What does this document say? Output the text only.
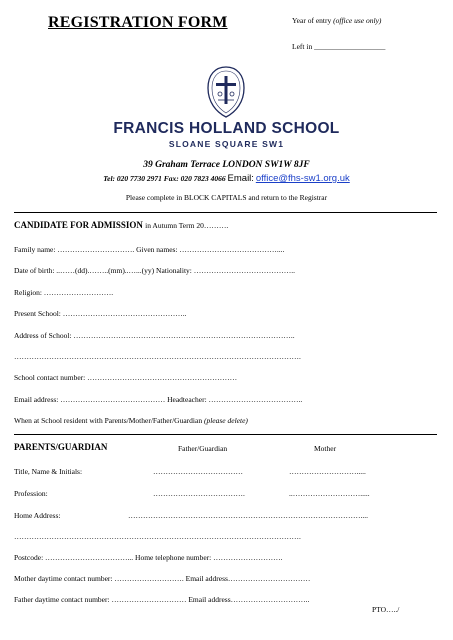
REGISTRATION FORM	Year of entry (office use only)
Left in ___________________
FRANCIS HOLLAND SCHOOL
SLOANE SQUARE SW1
39 Graham Terrace LONDON SW1W 8JF
Tel: 020 7730 2971 Fax: 020 7823 4066 Email: office@fhs-sw1.org.uk
Please complete in BLOCK CAPITALS and return to the Registrar
CANDIDATE FOR ADMISSION in Autumn Term 20……….
Family name: …………………………. Given names: …………………………………....
Date of birth: ..……(dd).……..(mm)..…...(yy) Nationality: …………………………………..
Religion: ……………………….
Present School: …………………………………………..
Address of School: ……………………………………………………………………………..
…………………………………………………………………………………………………….
School contact number: ……………………………………………………
Email address: …………………………………… Headteacher: ………………………………..
When at School resident with Parents/Mother/Father/Guardian (please delete)
PARENTS/GUARDIAN	Father/Guardian	Mother
Title, Name & Initials:	………………………………	……………………….....
Profession:	……………………………….	..……………………….....
Home Address:	…………………………………………………………………………………....
…………………………………………………………………………………………………….
Postcode: ……………………………... Home telephone number: ……………………….
Mother daytime contact number: ………………………. Email address……………………………
Father daytime contact number: ………………………… Email address…………………………..
PTO…../
